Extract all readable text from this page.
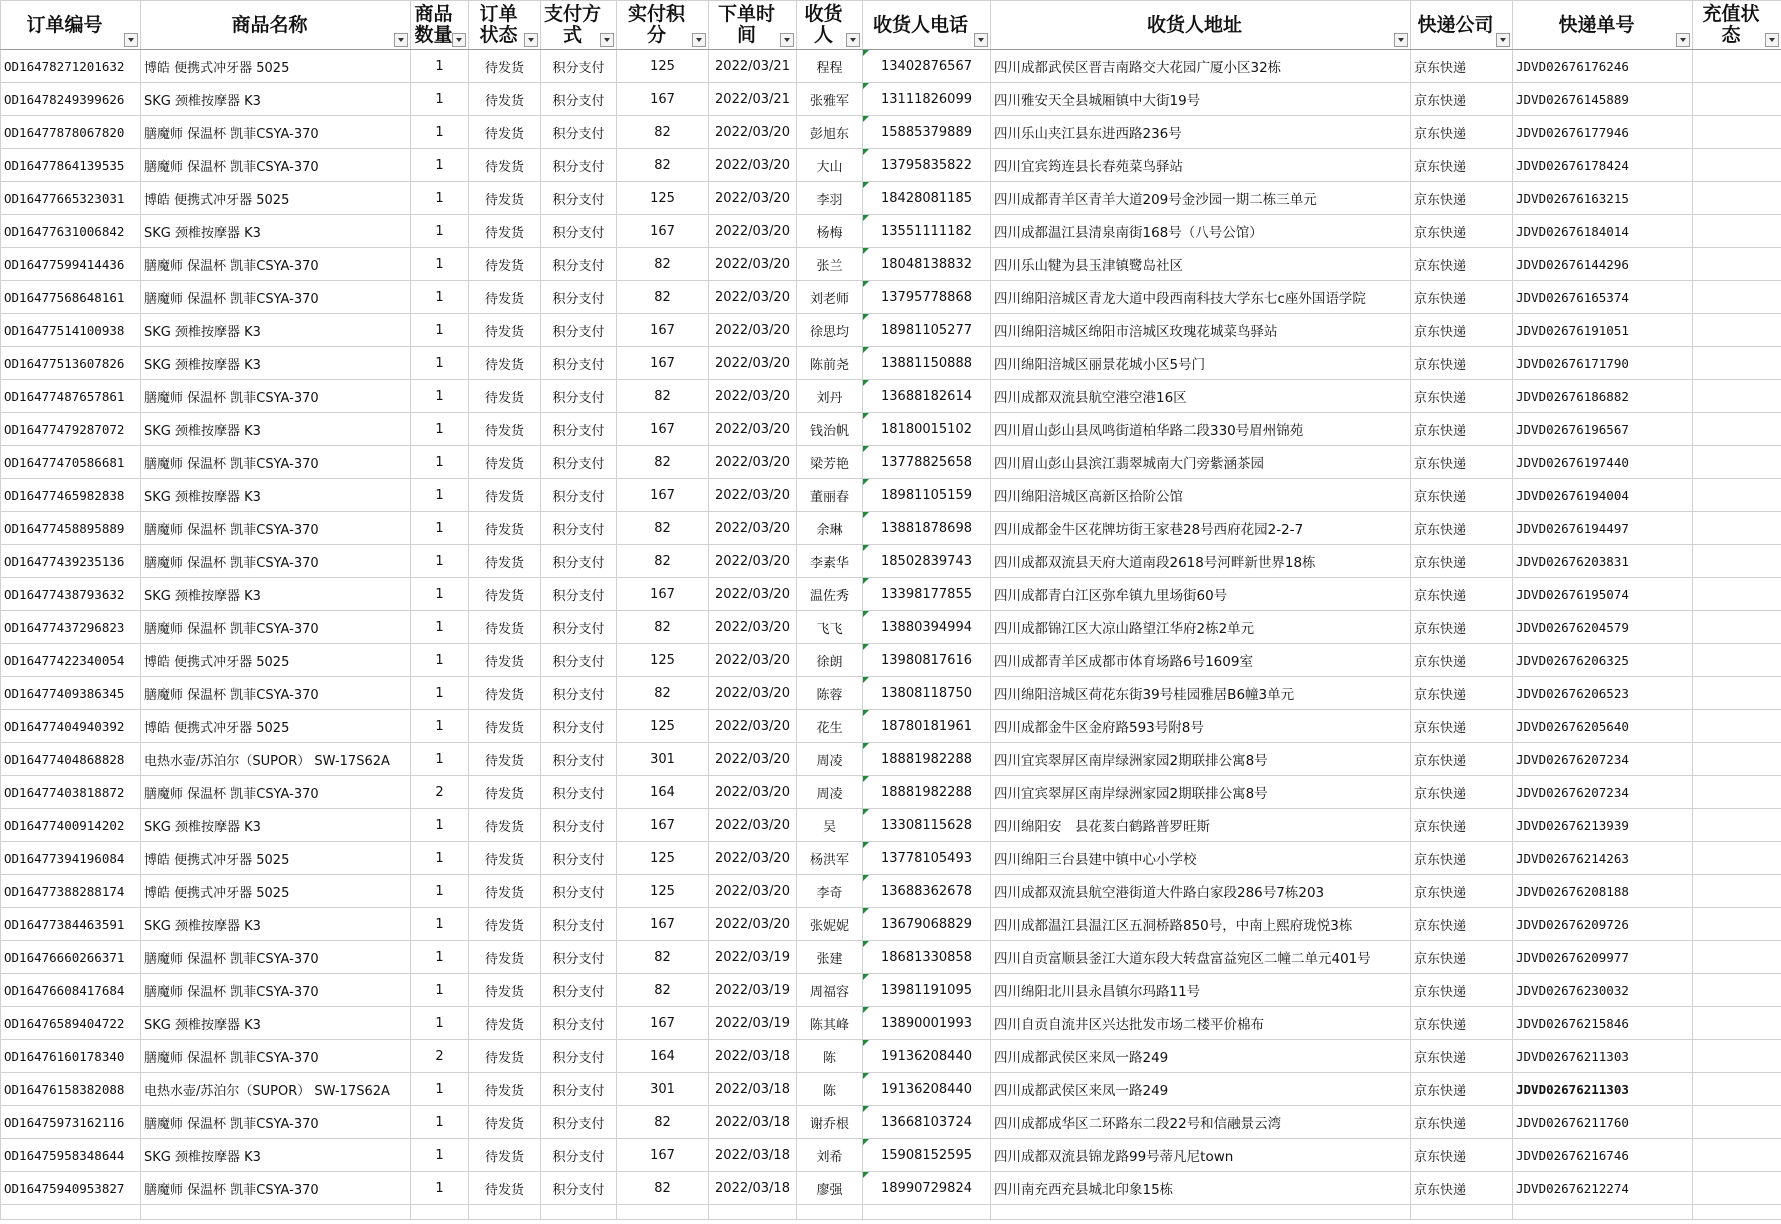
订单编号	商品名称	商品数量	订单状态	支付方式	实付积分	下单时间	收货人	收货人电话	收货人地址	快递公司	快递单号	充值状态

OD16478271201632	博皓 便携式冲牙器 5025	1	待发货	积分支付	125	2022/03/21	程程	13402876567	四川成都武侯区晋吉南路交大花园广厦小区32栋	京东快递	JDVD02676176246	
OD16478249399626	SKG 颈椎按摩器 K3	1	待发货	积分支付	167	2022/03/21	张雅军	13111826099	四川雅安天全县城厢镇中大街19号	京东快递	JDVD02676145889	
OD16477878067820	膳魔师 保温杯 凯菲CSYA-370	1	待发货	积分支付	82	2022/03/20	彭旭东	15885379889	四川乐山夹江县东进西路236号	京东快递	JDVD02676177946	
OD16477864139535	膳魔师 保温杯 凯菲CSYA-370	1	待发货	积分支付	82	2022/03/20	大山	13795835822	四川宜宾筠连县长春苑菜鸟驿站	京东快递	JDVD02676178424	
OD16477665323031	博皓 便携式冲牙器 5025	1	待发货	积分支付	125	2022/03/20	李羽	18428081185	四川成都青羊区青羊大道209号金沙园一期二栋三单元	京东快递	JDVD02676163215	
OD16477631006842	SKG 颈椎按摩器 K3	1	待发货	积分支付	167	2022/03/20	杨梅	13551111182	四川成都温江县清泉南街168号（八号公馆）	京东快递	JDVD02676184014	
OD16477599414436	膳魔师 保温杯 凯菲CSYA-370	1	待发货	积分支付	82	2022/03/20	张兰	18048138832	四川乐山犍为县玉津镇鹭岛社区	京东快递	JDVD02676144296	
OD16477568648161	膳魔师 保温杯 凯菲CSYA-370	1	待发货	积分支付	82	2022/03/20	刘老师	13795778868	四川绵阳涪城区青龙大道中段西南科技大学东七c座外国语学院	京东快递	JDVD02676165374	
OD16477514100938	SKG 颈椎按摩器 K3	1	待发货	积分支付	167	2022/03/20	徐思均	18981105277	四川绵阳涪城区绵阳市涪城区玫瑰花城菜鸟驿站	京东快递	JDVD02676191051	
OD16477513607826	SKG 颈椎按摩器 K3	1	待发货	积分支付	167	2022/03/20	陈前尧	13881150888	四川绵阳涪城区丽景花城小区5号门	京东快递	JDVD02676171790	
OD16477487657861	膳魔师 保温杯 凯菲CSYA-370	1	待发货	积分支付	82	2022/03/20	刘丹	13688182614	四川成都双流县航空港空港16区	京东快递	JDVD02676186882	
OD16477479287072	SKG 颈椎按摩器 K3	1	待发货	积分支付	167	2022/03/20	钱治帆	18180015102	四川眉山彭山县凤鸣街道柏华路二段330号眉州锦苑	京东快递	JDVD02676196567	
OD16477470586681	膳魔师 保温杯 凯菲CSYA-370	1	待发货	积分支付	82	2022/03/20	梁芳艳	13778825658	四川眉山彭山县滨江翡翠城南大门旁紫涵茶园	京东快递	JDVD02676197440	
OD16477465982838	SKG 颈椎按摩器 K3	1	待发货	积分支付	167	2022/03/20	董丽春	18981105159	四川绵阳涪城区高新区拾阶公馆	京东快递	JDVD02676194004	
OD16477458895889	膳魔师 保温杯 凯菲CSYA-370	1	待发货	积分支付	82	2022/03/20	余琳	13881878698	四川成都金牛区花牌坊街王家巷28号西府花园2-2-7	京东快递	JDVD02676194497	
OD16477439235136	膳魔师 保温杯 凯菲CSYA-370	1	待发货	积分支付	82	2022/03/20	李素华	18502839743	四川成都双流县天府大道南段2618号河畔新世界18栋	京东快递	JDVD02676203831	
OD16477438793632	SKG 颈椎按摩器 K3	1	待发货	积分支付	167	2022/03/20	温佐秀	13398177855	四川成都青白江区弥牟镇九里场街60号	京东快递	JDVD02676195074	
OD16477437296823	膳魔师 保温杯 凯菲CSYA-370	1	待发货	积分支付	82	2022/03/20	飞飞	13880394994	四川成都锦江区大凉山路望江华府2栋2单元	京东快递	JDVD02676204579	
OD16477422340054	博皓 便携式冲牙器 5025	1	待发货	积分支付	125	2022/03/20	徐朗	13980817616	四川成都青羊区成都市体育场路6号1609室	京东快递	JDVD02676206325	
OD16477409386345	膳魔师 保温杯 凯菲CSYA-370	1	待发货	积分支付	82	2022/03/20	陈蓉	13808118750	四川绵阳涪城区荷花东街39号桂园雅居B6幢3单元	京东快递	JDVD02676206523	
OD16477404940392	博皓 便携式冲牙器 5025	1	待发货	积分支付	125	2022/03/20	花生	18780181961	四川成都金牛区金府路593号附8号	京东快递	JDVD02676205640	
OD16477404868828	电热水壶/苏泊尔（SUPOR） SW-17S62A	1	待发货	积分支付	301	2022/03/20	周凌	18881982288	四川宜宾翠屏区南岸绿洲家园2期联排公寓8号	京东快递	JDVD02676207234	
OD16477403818872	膳魔师 保温杯 凯菲CSYA-370	2	待发货	积分支付	164	2022/03/20	周凌	18881982288	四川宜宾翠屏区南岸绿洲家园2期联排公寓8号	京东快递	JDVD02676207234	
OD16477400914202	SKG 颈椎按摩器 K3	1	待发货	积分支付	167	2022/03/20	吴	13308115628	四川绵阳安　县花荄白鹤路普罗旺斯	京东快递	JDVD02676213939	
OD16477394196084	博皓 便携式冲牙器 5025	1	待发货	积分支付	125	2022/03/20	杨洪军	13778105493	四川绵阳三台县建中镇中心小学校	京东快递	JDVD02676214263	
OD16477388288174	博皓 便携式冲牙器 5025	1	待发货	积分支付	125	2022/03/20	李奇	13688362678	四川成都双流县航空港街道大件路白家段286号7栋203	京东快递	JDVD02676208188	
OD16477384463591	SKG 颈椎按摩器 K3	1	待发货	积分支付	167	2022/03/20	张妮妮	13679068829	四川成都温江县温江区五洞桥路850号，中南上熙府珑悦3栋	京东快递	JDVD02676209726	
OD16476660266371	膳魔师 保温杯 凯菲CSYA-370	1	待发货	积分支付	82	2022/03/19	张建	18681330858	四川自贡富顺县釜江大道东段大转盘富益宛区二幢二单元401号	京东快递	JDVD02676209977	
OD16476608417684	膳魔师 保温杯 凯菲CSYA-370	1	待发货	积分支付	82	2022/03/19	周福容	13981191095	四川绵阳北川县永昌镇尔玛路11号	京东快递	JDVD02676230032	
OD16476589404722	SKG 颈椎按摩器 K3	1	待发货	积分支付	167	2022/03/19	陈其峰	13890001993	四川自贡自流井区兴达批发市场二楼平价棉布	京东快递	JDVD02676215846	
OD16476160178340	膳魔师 保温杯 凯菲CSYA-370	2	待发货	积分支付	164	2022/03/18	陈	19136208440	四川成都武侯区来凤一路249	京东快递	JDVD02676211303	
OD16476158382088	电热水壶/苏泊尔（SUPOR） SW-17S62A	1	待发货	积分支付	301	2022/03/18	陈	19136208440	四川成都武侯区来凤一路249	京东快递	JDVD02676211303	
OD16475973162116	膳魔师 保温杯 凯菲CSYA-370	1	待发货	积分支付	82	2022/03/18	谢乔根	13668103724	四川成都成华区二环路东二段22号和信融景云湾	京东快递	JDVD02676211760	
OD16475958348644	SKG 颈椎按摩器 K3	1	待发货	积分支付	167	2022/03/18	刘希	15908152595	四川成都双流县锦龙路99号蒂凡尼town	京东快递	JDVD02676216746	
OD16475940953827	膳魔师 保温杯 凯菲CSYA-370	1	待发货	积分支付	82	2022/03/18	廖强	18990729824	四川南充西充县城北印象15栋	京东快递	JDVD02676212274	
